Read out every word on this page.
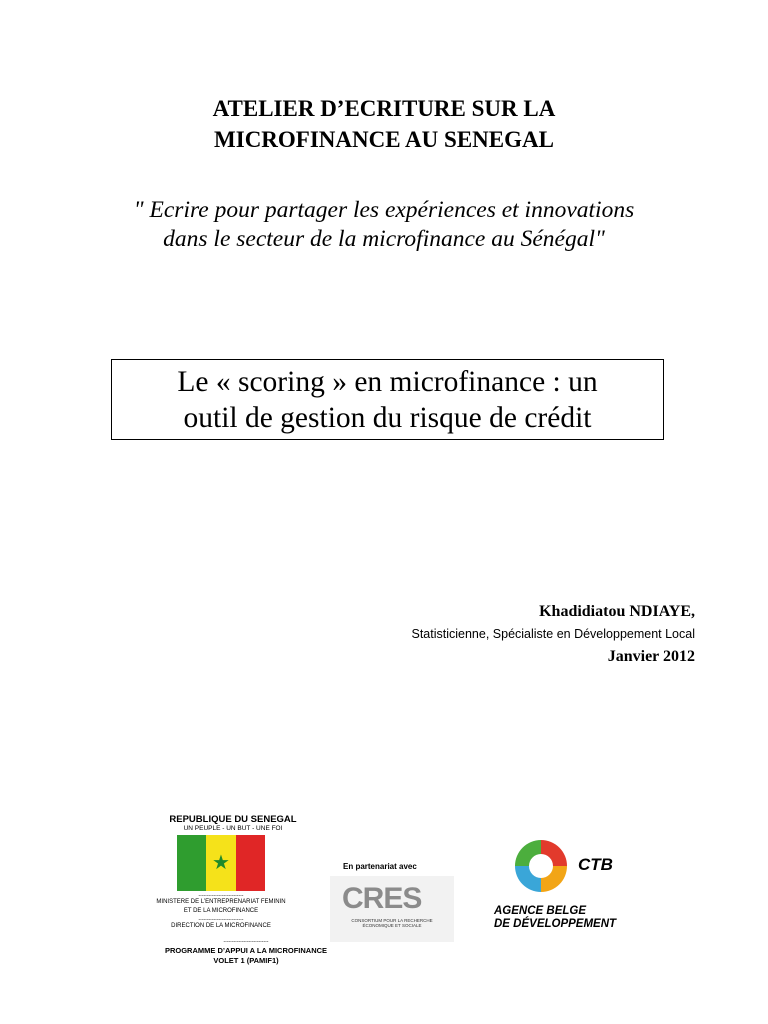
ATELIER D’ECRITURE SUR LA
MICROFINANCE AU SENEGAL
" Ecrire pour partager les expériences et innovations
dans le secteur de la microfinance au Sénégal"
Le « scoring » en microfinance : un
outil de gestion du risque de crédit
Khadidiatou NDIAYE,
Statisticienne, Spécialiste en Développement Local
Janvier 2012
REPUBLIQUE DU SENEGAL
UN PEUPLE - UN BUT - UNE FOI
★
---------------------------
MINISTERE DE L’ENTREPRENARIAT FEMININ
ET DE LA MICROFINANCE
---------------------------
DIRECTION DE LA MICROFINANCE
---------------------------
PROGRAMME D’APPUI A LA MICROFINANCE
VOLET 1 (PAMIF1)
En partenariat avec
CRES
CONSORTIUM POUR LA RECHERCHE ÉCONOMIQUE ET SOCIALE
CTB
AGENCE BELGE
DE DÉVELOPPEMENT
